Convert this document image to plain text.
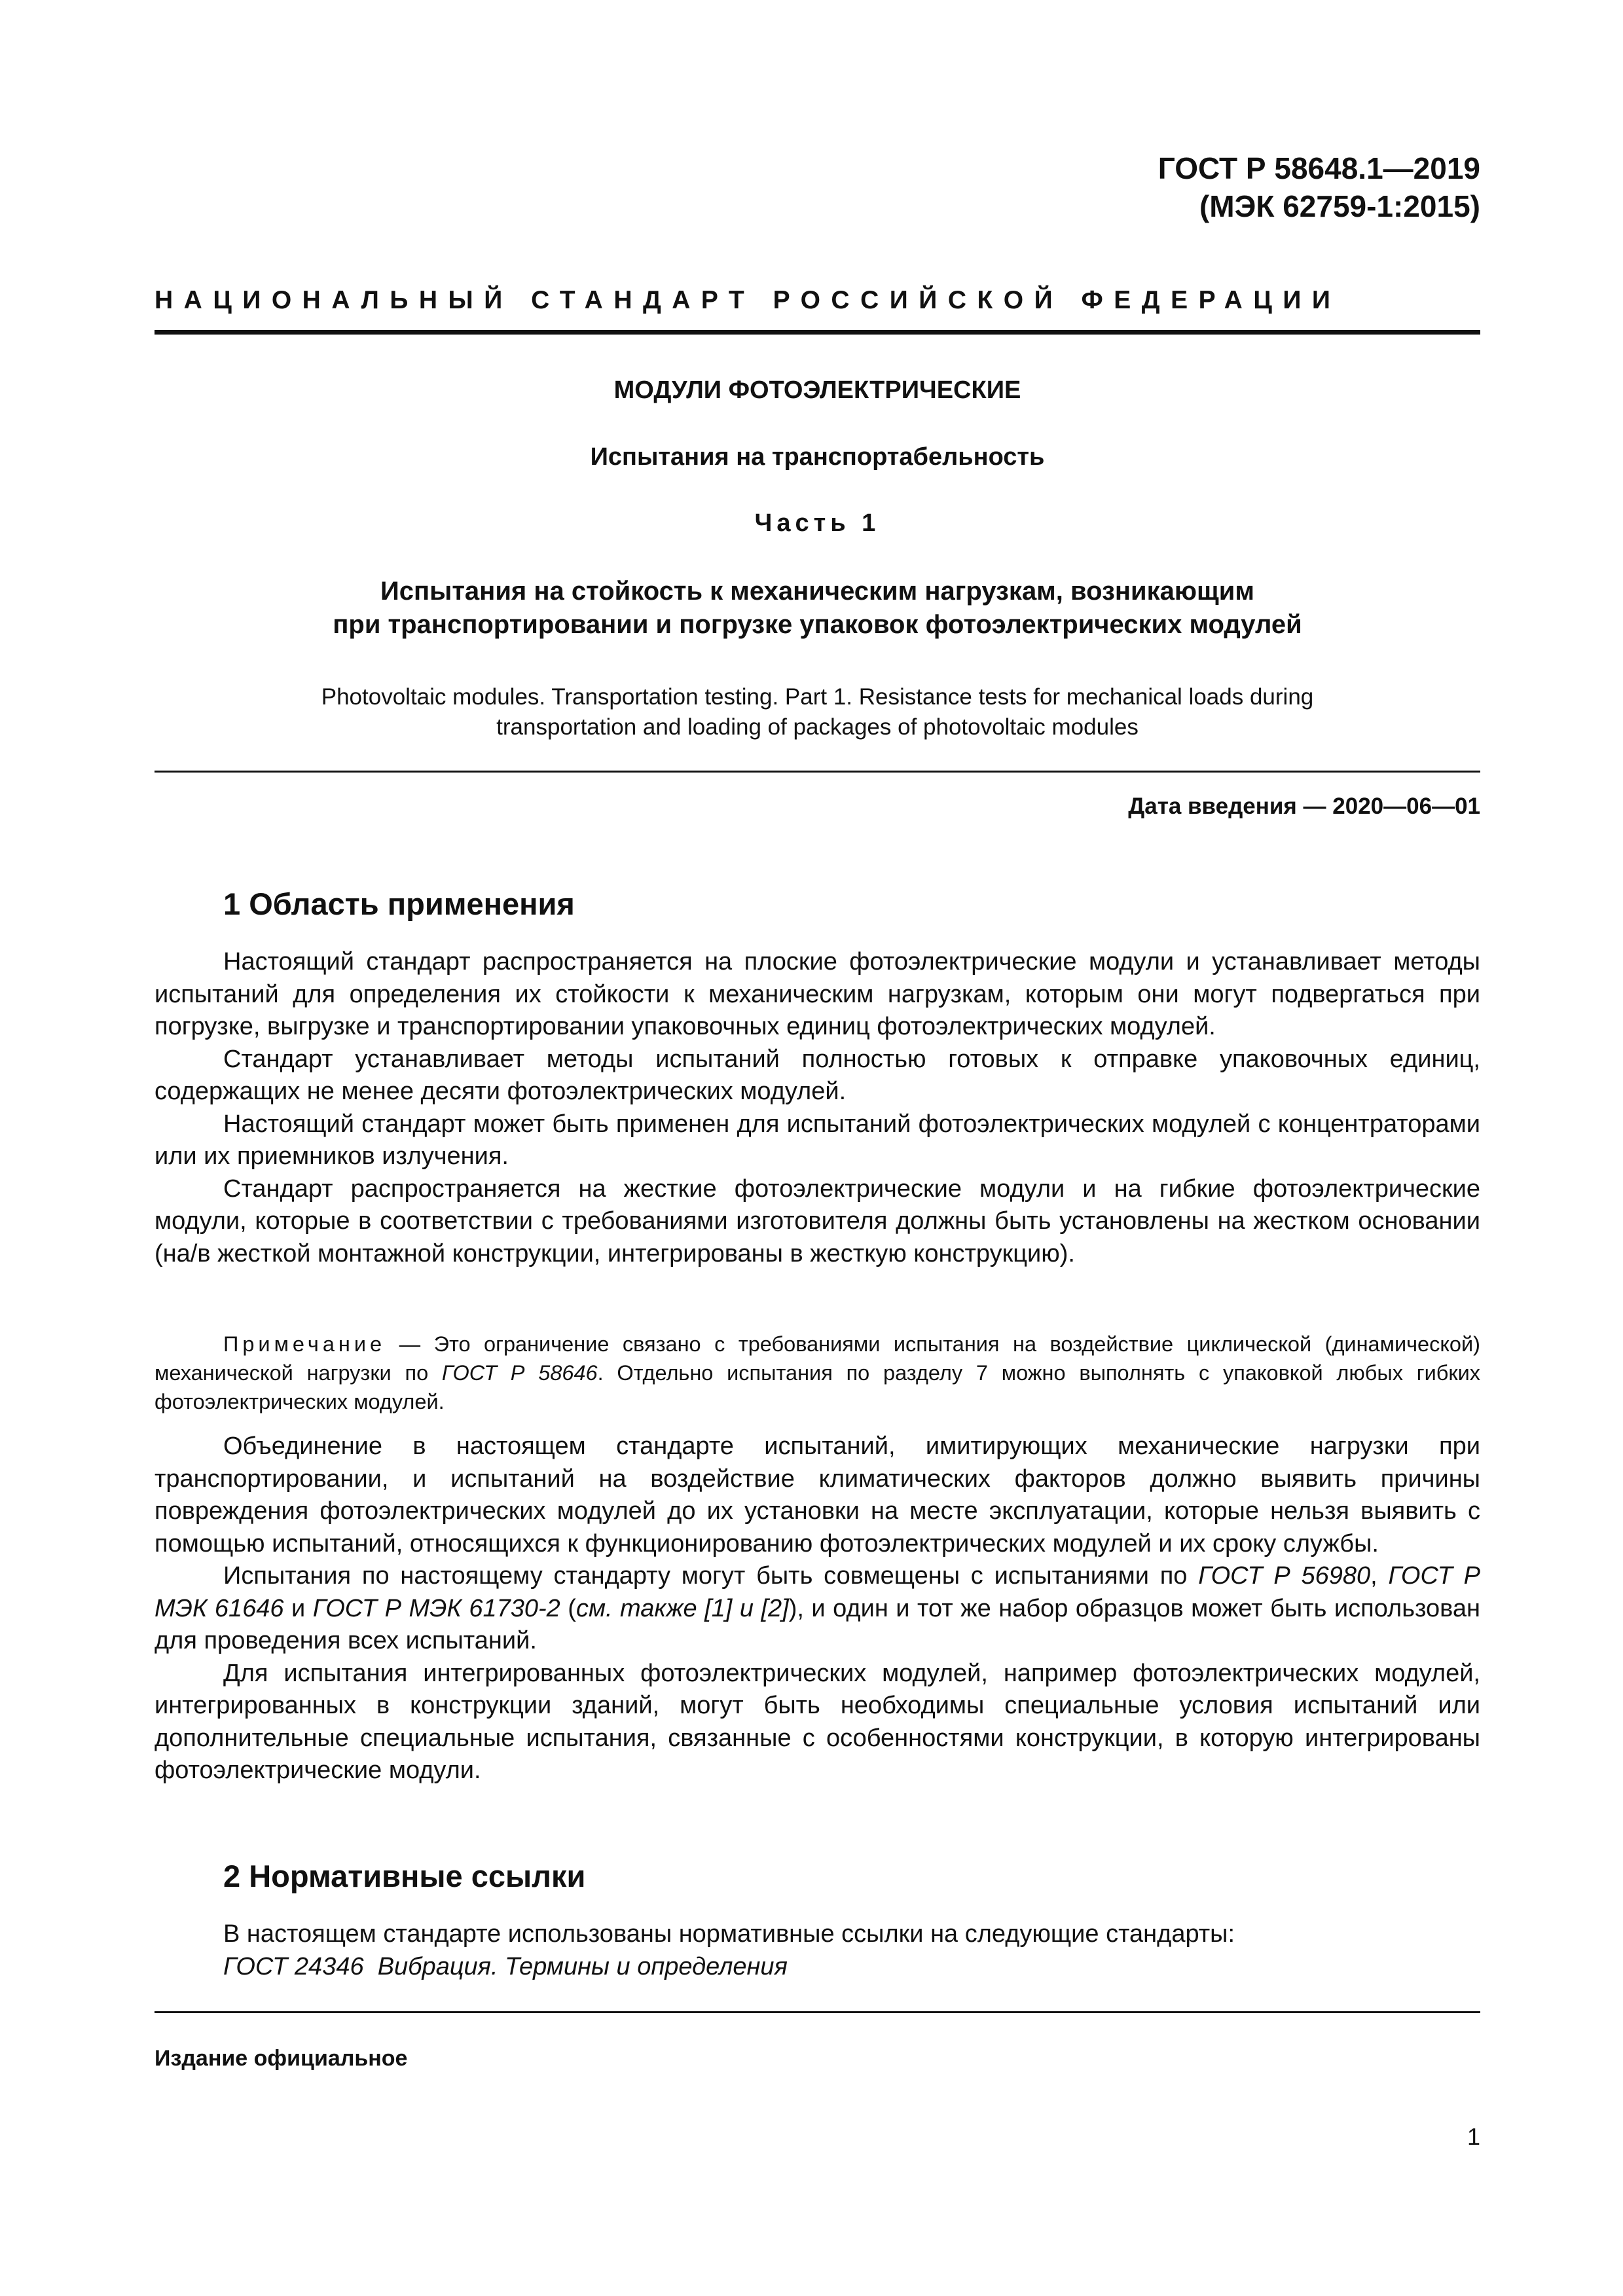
ГОСТ Р 58648.1—2019
(МЭК 62759-1:2015)
НАЦИОНАЛЬНЫЙ СТАНДАРТ РОССИЙСКОЙ ФЕДЕРАЦИИ
МОДУЛИ ФОТОЭЛЕКТРИЧЕСКИЕ
Испытания на транспортабельность
Часть 1
Испытания на стойкость к механическим нагрузкам, возникающим
при транспортировании и погрузке упаковок фотоэлектрических модулей
Photovoltaic modules. Transportation testing. Part 1. Resistance tests for mechanical loads during
transportation and loading of packages of photovoltaic modules
Дата введения — 2020—06—01
1 Область применения

Настоящий стандарт распространяется на плоские фотоэлектрические модули и устанавливает методы испытаний для определения их стойкости к механическим нагрузкам, которым они могут подвергаться при погрузке, выгрузке и транспортировании упаковочных единиц фотоэлектрических модулей.

Стандарт устанавливает методы испытаний полностью готовых к отправке упаковочных единиц, содержащих не менее десяти фотоэлектрических модулей.

Настоящий стандарт может быть применен для испытаний фотоэлектрических модулей с концентраторами или их приемников излучения.

Стандарт распространяется на жесткие фотоэлектрические модули и на гибкие фотоэлектрические модули, которые в соответствии с требованиями изготовителя должны быть установлены на жестком основании (на/в жесткой монтажной конструкции, интегрированы в жесткую конструкцию).

Примечание — Это ограничение связано с требованиями испытания на воздействие циклической (динамической) механической нагрузки по ГОСТ Р 58646. Отдельно испытания по разделу 7 можно выполнять с упаковкой любых гибких фотоэлектрических модулей.

Объединение в настоящем стандарте испытаний, имитирующих механические нагрузки при транспортировании, и испытаний на воздействие климатических факторов должно выявить причины повреждения фотоэлектрических модулей до их установки на месте эксплуатации, которые нельзя выявить с помощью испытаний, относящихся к функционированию фотоэлектрических модулей и их сроку службы.

Испытания по настоящему стандарту могут быть совмещены с испытаниями по ГОСТ Р 56980, ГОСТ Р МЭК 61646 и ГОСТ Р МЭК 61730-2 (см. также [1] и [2]), и один и тот же набор образцов может быть использован для проведения всех испытаний.

Для испытания интегрированных фотоэлектрических модулей, например фотоэлектрических модулей, интегрированных в конструкции зданий, могут быть необходимы специальные условия испытаний или дополнительные специальные испытания, связанные с особенностями конструкции, в которую интегрированы фотоэлектрические модули.

2 Нормативные ссылки

В настоящем стандарте использованы нормативные ссылки на следующие стандарты:

ГОСТ 24346  Вибрация. Термины и определения

Издание официальное
1
